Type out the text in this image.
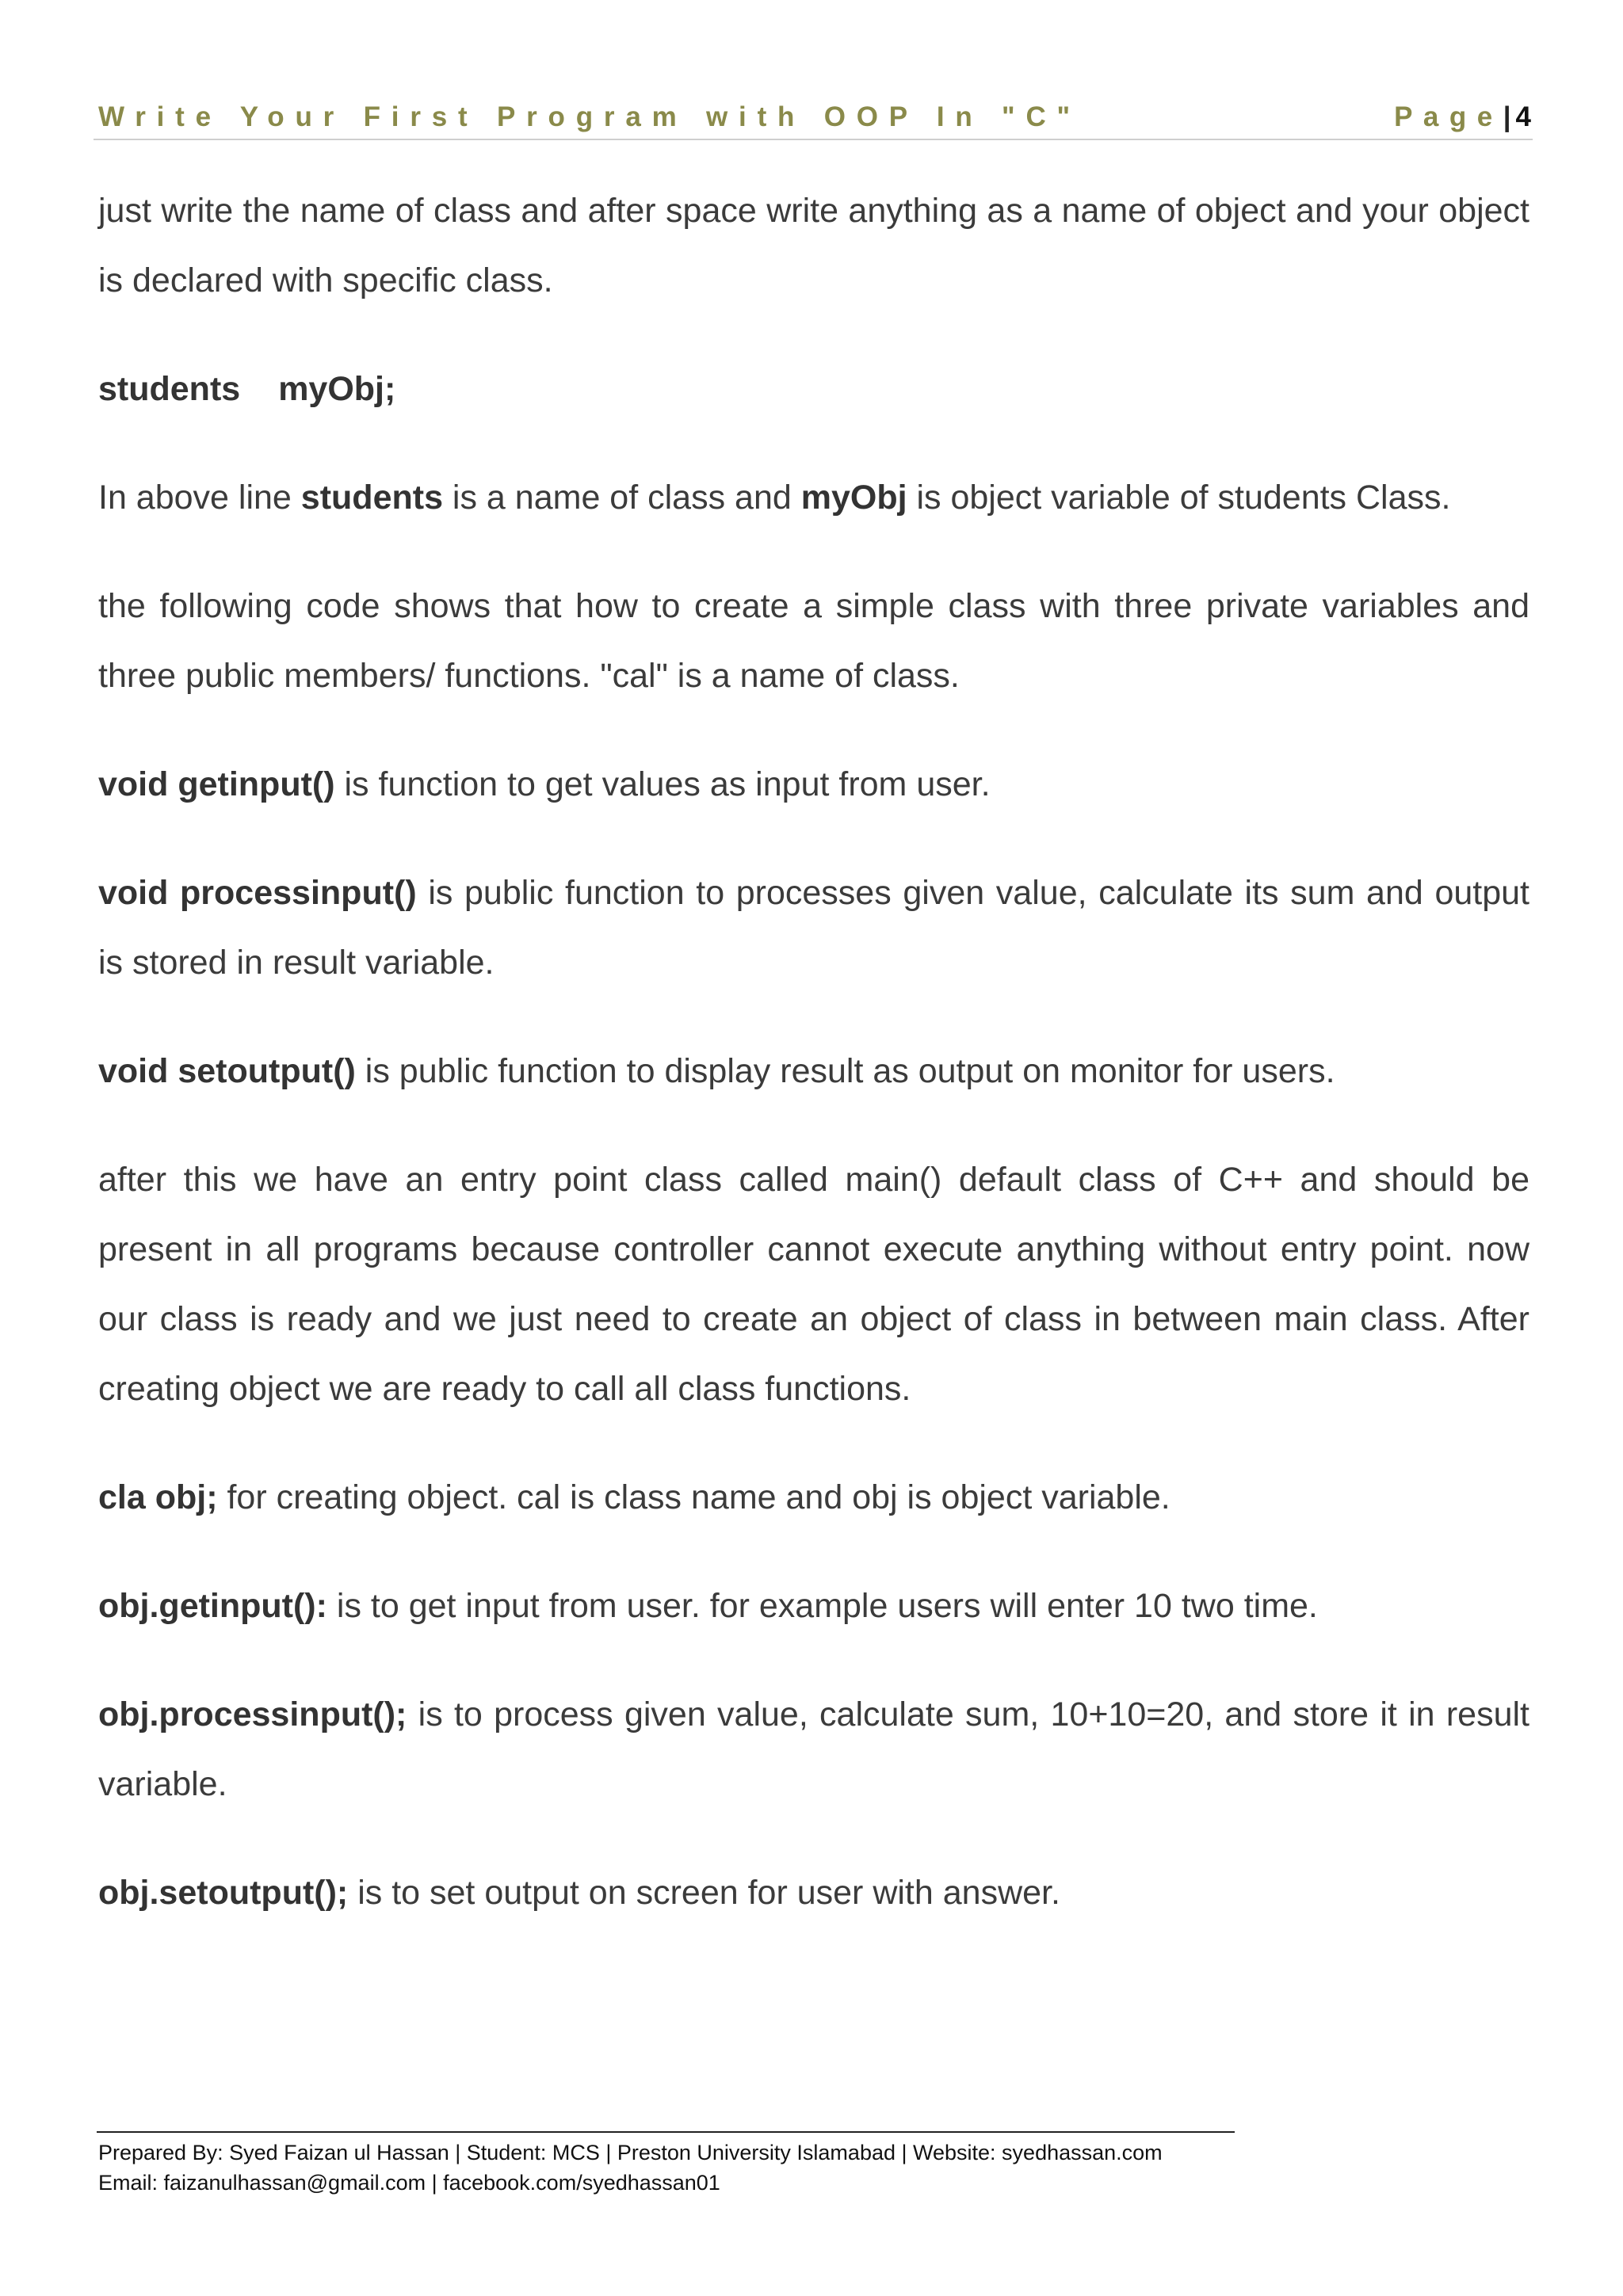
Write Your First Program with OOP In "C"	Page| 4

just write the name of class and after space write anything as a name of object and your object is declared with specific class.

students myObj;

In above line students is a name of class and myObj is object variable of students Class.

the following code shows that how to create a simple class with three private variables and three public members/ functions. "cal" is a name of class.

void getinput() is function to get values as input from user.

void processinput() is public function to processes given value, calculate its sum and output is stored in result variable.

void setoutput() is public function to display result as output on monitor for users.

after this we have an entry point class called main() default class of C++ and should be present in all programs because controller cannot execute anything without entry point. now our class is ready and we just need to create an object of class in between main class. After creating object we are ready to call all class functions.

cla obj; for creating object. cal is class name and obj is object variable.

obj.getinput(): is to get input from user. for example users will enter 10 two time.

obj.processinput(); is to process given value, calculate sum, 10+10=20, and store it in result variable.

obj.setoutput(); is to set output on screen for user with answer.

Prepared By: Syed Faizan ul Hassan | Student: MCS | Preston University Islamabad | Website: syedhassan.com
Email: faizanulhassan@gmail.com | facebook.com/syedhassan01
